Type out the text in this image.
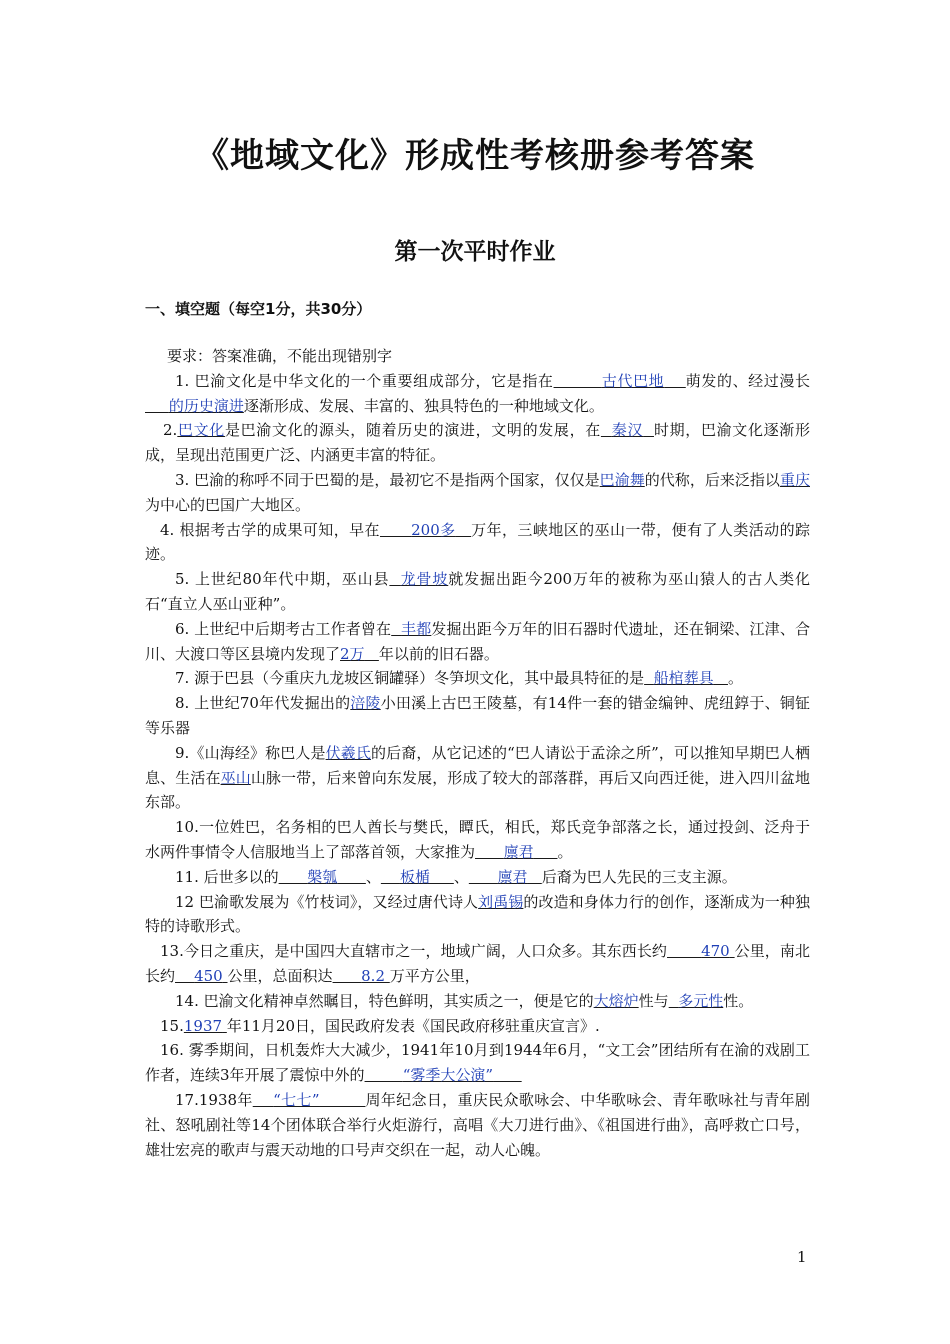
《地域文化》形成性考核册参考答案
第一次平时作业
一、填空题（每空1分，共30分）

要求：答案准确，不能出现错别字

1. 巴渝文化是中华文化的一个重要组成部分，它是指在	古代巴地 萌发的、经过漫长     的历史演进逐渐形成、发展、丰富的、独具特色的一种地域文化。

2.巴文化是巴渝文化的源头，随着历史的演进，文明的发展，在 秦汉 时期，巴渝文化逐渐形成，呈现出范围更广泛、内涵更丰富的特征。

3. 巴渝的称呼不同于巴蜀的是，最初它不是指两个国家，仅仅是巴渝舞的代称，后来泛指以重庆为中心的巴国广大地区。

4. 根据考古学的成果可知，早在 200多 万年，三峡地区的巫山一带，便有了人类活动的踪迹。

5. 上世纪80年代中期，巫山县 龙骨坡就发掘出距今200万年的被称为巫山猿人的古人类化石“直立人巫山亚种”。

6. 上世纪中后期考古工作者曾在 丰都发掘出距今万年的旧石器时代遗址，还在铜梁、江津、合川、大渡口等区县境内发现了2万 年以前的旧石器。

7. 源于巴县（今重庆九龙坡区铜罐驿）冬笋坝文化，其中最具特征的是 船棺葬具 。

8. 上世纪70年代发掘出的涪陵小田溪上古巴王陵墓，有14件一套的错金编钟、虎纽錞于、铜钲等乐器

9.《山海经》称巴人是伏羲氏的后裔，从它记述的“巴人请讼于孟涂之所”，可以推知早期巴人栖息、生活在巫山山脉一带，后来曾向东发展，形成了较大的部落群，再后又向西迁徙，进入四川盆地东部。

10.一位姓巴，名务相的巴人酋长与樊氏，瞫氏，相氏，郑氏竞争部落之长，通过投剑、泛舟于水两件事情令人信服地当上了部落首领，大家推为 廪君 。

11. 后世多以的 槃瓠 、 板楯 、 廪君 后裔为巴人先民的三支主源。

12 巴渝歌发展为《竹枝词》，又经过唐代诗人刘禹锡的改造和身体力行的创作，逐渐成为一种独特的诗歌形式。

13.今日之重庆，是中国四大直辖市之一，地域广阔，人口众多。其东西长约 470 公里，南北长约 450 公里，总面积达 8.2 万平方公里，

14. 巴渝文化精神卓然瞩目，特色鲜明，其实质之一，便是它的大熔炉性与 多元性性。

15.1937 年11月20日，国民政府发表《国民政府移驻重庆宣言》.

16. 雾季期间，日机轰炸大大减少，1941年10月到1944年6月，“文工会”团结所有在渝的戏剧工作者，连续3年开展了震惊中外的	“雾季大公演”

17.1938年 “七七”	周年纪念日，重庆民众歌咏会、中华歌咏会、青年歌咏社与青年剧社、怒吼剧社等14个团体联合举行火炬游行，高唱《大刀进行曲》、《祖国进行曲》，高呼救亡口号，雄壮宏亮的歌声与震天动地的口号声交织在一起，动人心魄。

1
